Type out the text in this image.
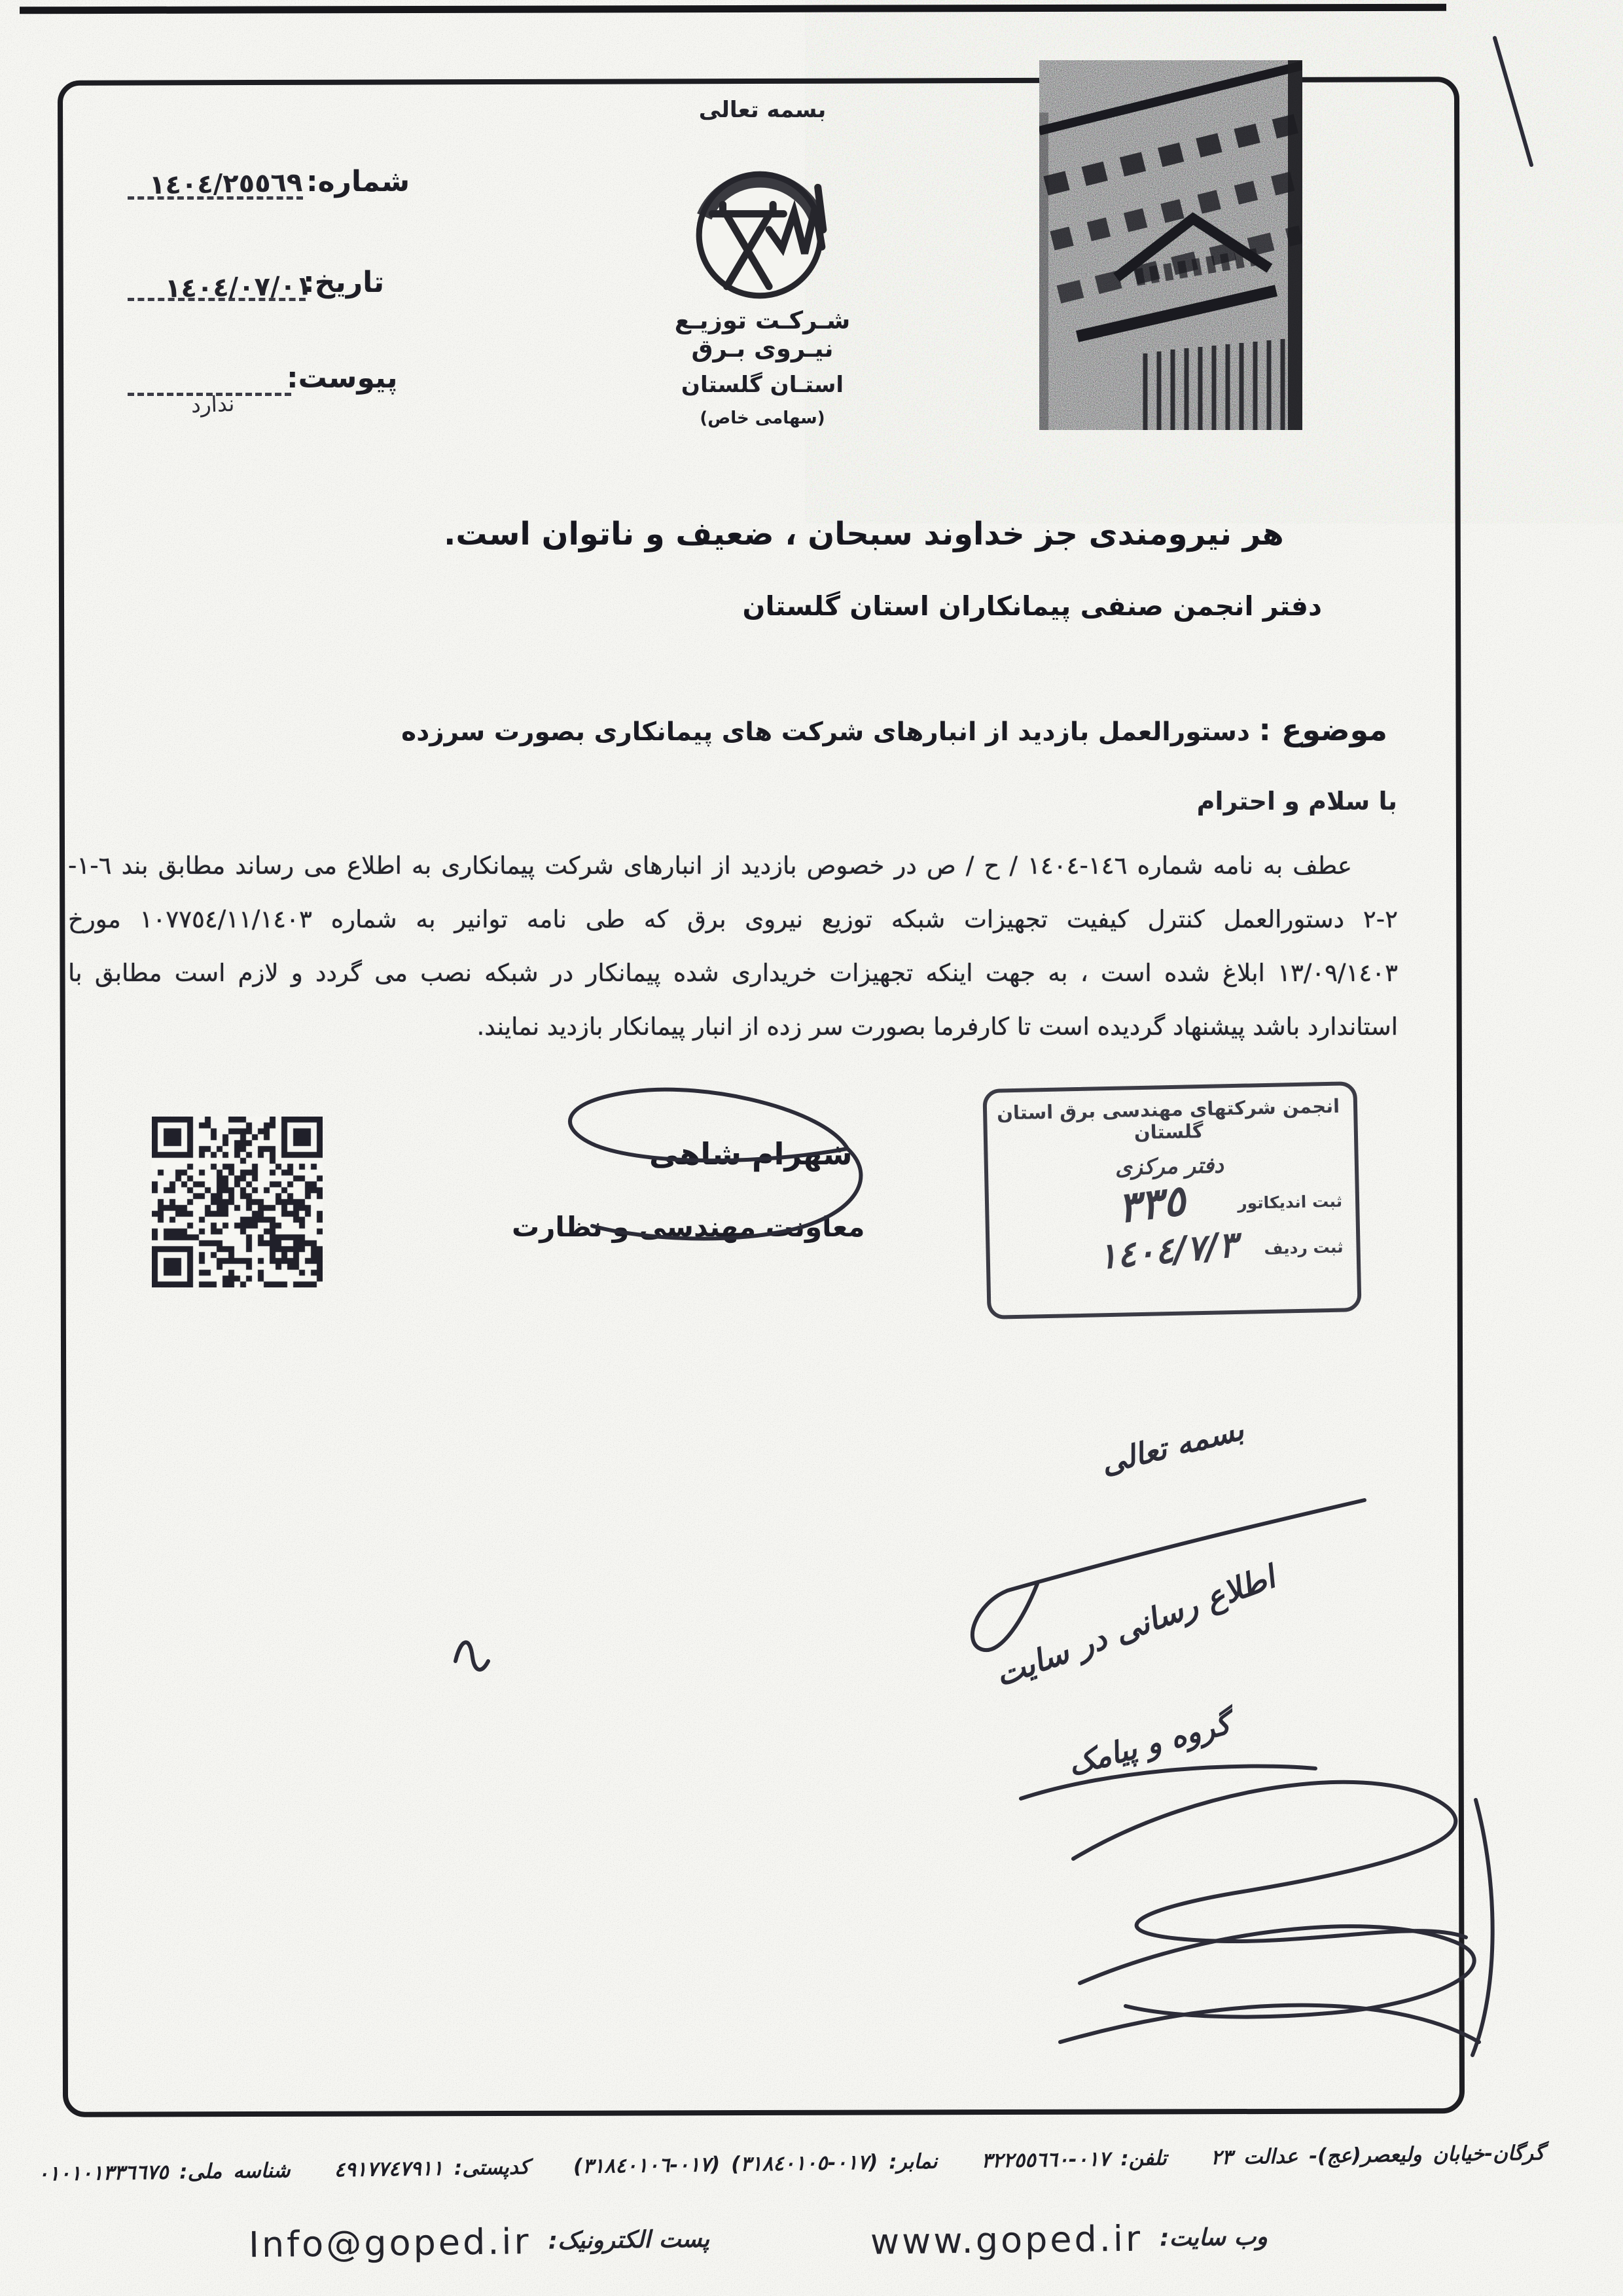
شماره:
١٤٠٤/٢٥٥٦٩
تاریخ:
١٤٠٤/٠٧/٠١
پیوست:
ندارد
بسمه تعالی
شـرکـت توزیـع نیـروی بـرق
استـان گلستان
(سهامی خاص)
هر نیرومندی جز خداوند سبحان ، ضعیف و ناتوان است.
دفتر انجمن صنفی پیمانکاران استان گلستان
موضوع : دستورالعمل بازدید از انبارهای شرکت های پیمانکاری بصورت سرزده
با سلام و احترام
عطف به نامه شماره ١٤٦-١٤٠٤ / ح / ص در خصوص بازدید از انبارهای شرکت پیمانکاری به اطلاع می رساند مطابق بند ٦-١-‏
٢-٢ دستورالعمل کنترل کیفیت تجهیزات شبکه توزیع نیروی برق که طی نامه توانیر به شماره ١٠٧٧٥٤/١١/١٤٠٣ مورخ
١٣/٠٩/١٤٠٣ ابلاغ شده است ، به جهت اینکه تجهیزات خریداری شده پیمانکار در شبکه نصب می گردد و لازم است مطابق با
استاندارد باشد پیشنهاد گردیده است تا کارفرما بصورت سر زده از انبار پیمانکار بازدید نمایند.
شهرام شاهی
معاونت مهندسی و نظارت
انجمن شرکتهای مهندسی برق استان گلستان
دفتر مرکزی
ثبت اندیکاتور
٣٣٥
ثبت ردیف
١٤٠٤/٧/٣
بسمه تعالی
اطلاع رسانی در سایت
گروه و پیامک
گرگان-خیابان ولیعصر(عج)- عدالت ٢٣    تلفن: ٠١٧-٣٢٢٥٥٦٦٠    نمابر: (٠١٧-٣١٨٤٠١٠٥) (٠١٧-٣١٨٤٠١٠٦)    کدپستی: ٤٩١٧٧٤٧٩١١    شناسه ملی: ٠١٠١٠١٣٣٦٦٧٥
وب سایت:
www.goped.ir
پست الکترونیک:
Info@goped.ir
